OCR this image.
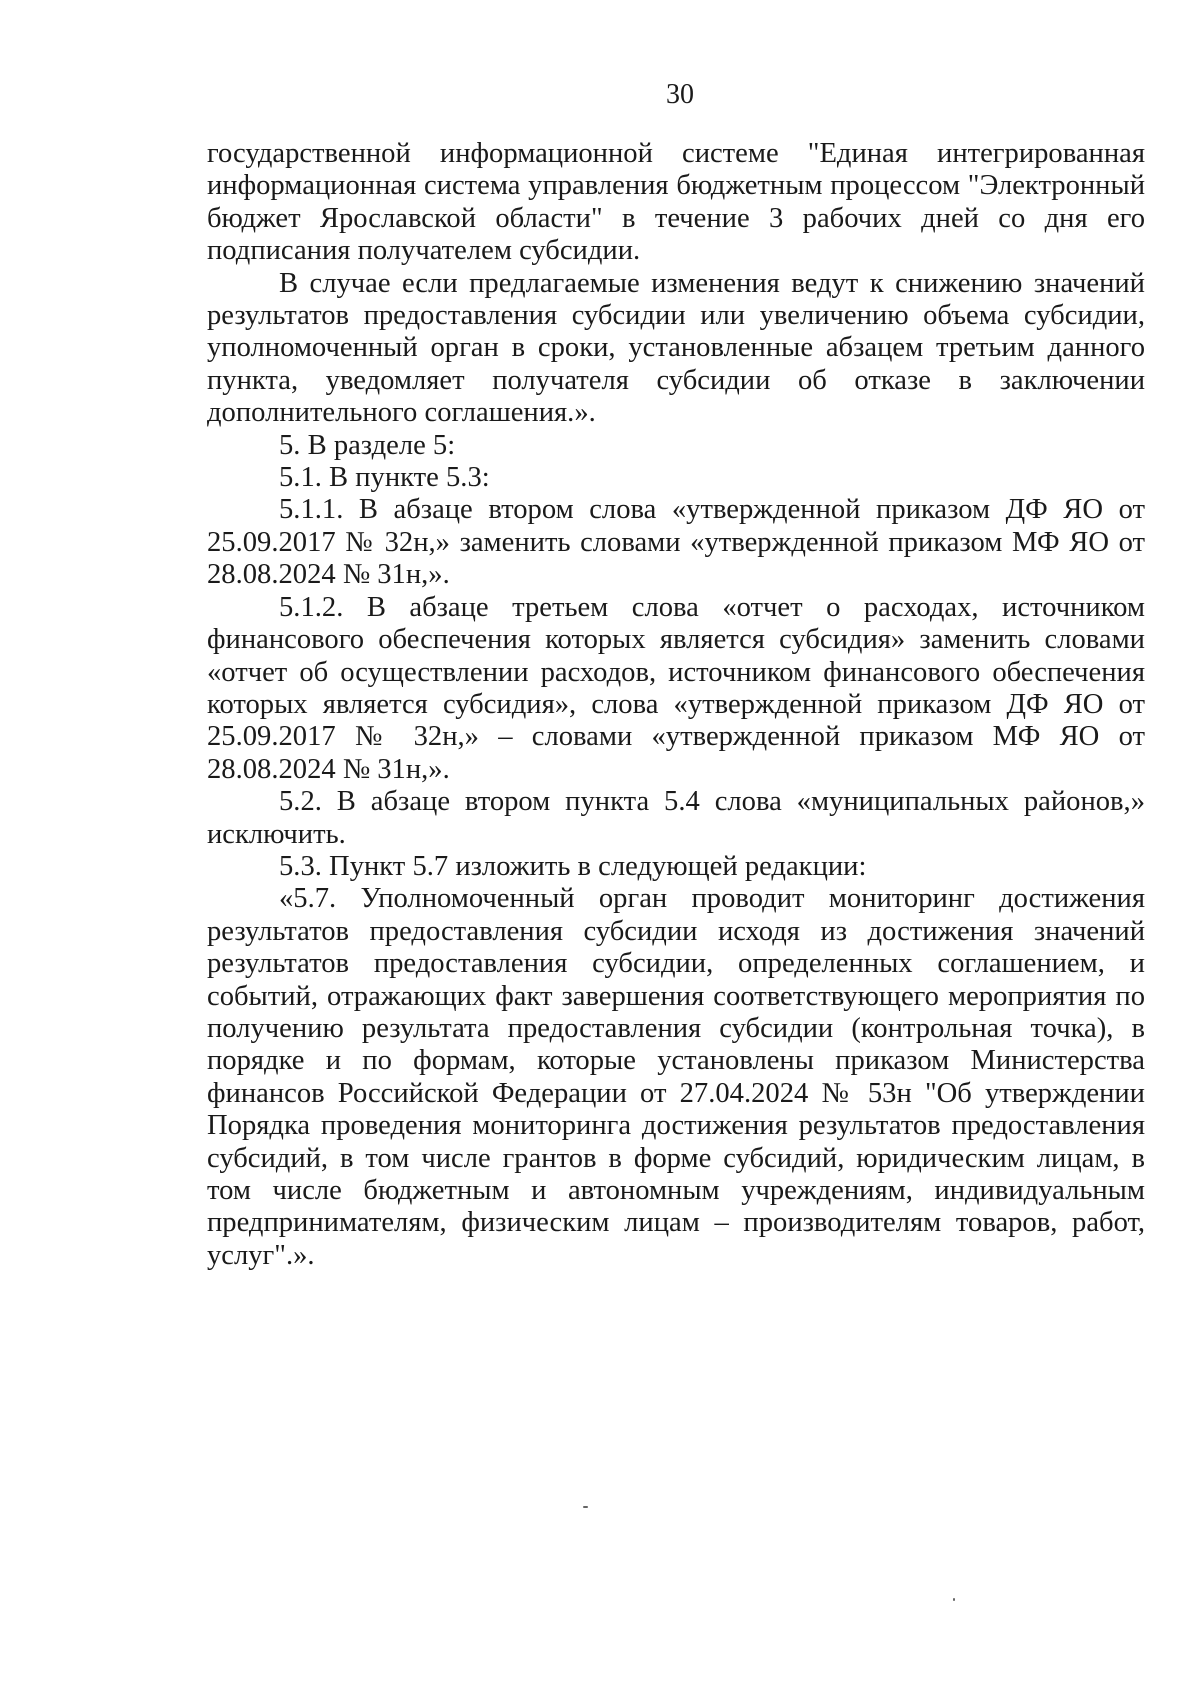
30

государственной информационной системе "Единая интегрированная информационная система управления бюджетным процессом "Электронный бюджет Ярославской области" в течение 3 рабочих дней со дня его подписания получателем субсидии.

В случае если предлагаемые изменения ведут к снижению значений результатов предоставления субсидии или увеличению объема субсидии, уполномоченный орган в сроки, установленные абзацем третьим данного пункта, уведомляет получателя субсидии об отказе в заключении дополнительного соглашения.».

5. В разделе 5:

5.1. В пункте 5.3:

5.1.1. В абзаце втором слова «утвержденной приказом ДФ ЯО от 25.09.2017 № 32н,» заменить словами «утвержденной приказом МФ ЯО от 28.08.2024 № 31н,».

5.1.2. В абзаце третьем слова «отчет о расходах, источником финансового обеспечения которых является субсидия» заменить словами «отчет об осуществлении расходов, источником финансового обеспечения которых является субсидия», слова «утвержденной приказом ДФ ЯО от 25.09.2017 № 32н,» – словами «утвержденной приказом МФ ЯО от 28.08.2024 № 31н,».

5.2. В абзаце втором пункта 5.4 слова «муниципальных районов,» исключить.

5.3. Пункт 5.7 изложить в следующей редакции:

«5.7. Уполномоченный орган проводит мониторинг достижения результатов предоставления субсидии исходя из достижения значений результатов предоставления субсидии, определенных соглашением, и событий, отражающих факт завершения соответствующего мероприятия по получению результата предоставления субсидии (контрольная точка), в порядке и по формам, которые установлены приказом Министерства финансов Российской Федерации от 27.04.2024 № 53н "Об утверждении Порядка проведения мониторинга достижения результатов предоставления субсидий, в том числе грантов в форме субсидий, юридическим лицам, в том числе бюджетным и автономным учреждениям, индивидуальным предпринимателям, физическим лицам – производителям товаров, работ, услуг".».
